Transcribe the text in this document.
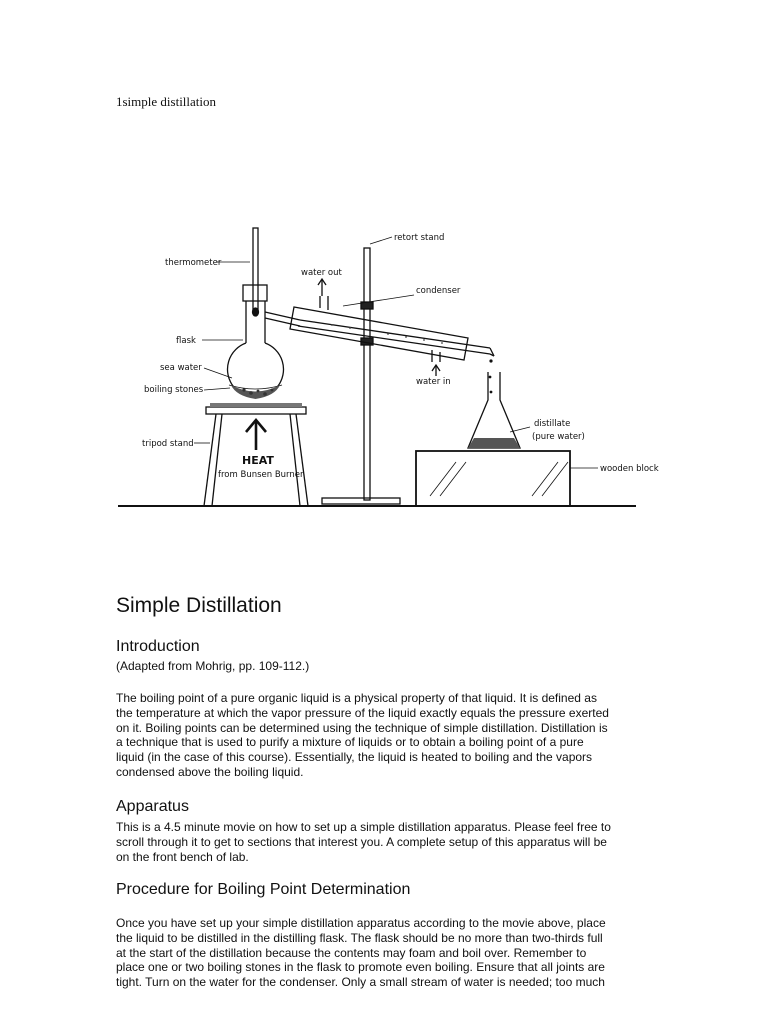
1simple distillation
thermometer
retort stand
water out
condenser
flask
sea water
boiling stones
tripod stand
HEAT
from Bunsen Burner
water in
distillate
(pure water)
wooden block
Simple Distillation
Introduction

(Adapted from Mohrig, pp. 109-112.)

The boiling point of a pure organic liquid is a physical property of that liquid. It is defined as
the temperature at which the vapor pressure of the liquid exactly equals the pressure exerted
on it. Boiling points can be determined using the technique of simple distillation. Distillation is
a technique that is used to purify a mixture of liquids or to obtain a boiling point of a pure
liquid (in the case of this course). Essentially, the liquid is heated to boiling and the vapors
condensed above the boiling liquid.

Apparatus

This is a 4.5 minute movie on how to set up a simple distillation apparatus. Please feel free to
scroll through it to get to sections that interest you. A complete setup of this apparatus will be
on the front bench of lab.

Procedure for Boiling Point Determination

Once you have set up your simple distillation apparatus according to the movie above, place
the liquid to be distilled in the distilling flask. The flask should be no more than two-thirds full
at the start of the distillation because the contents may foam and boil over. Remember to
place one or two boiling stones in the flask to promote even boiling. Ensure that all joints are
tight. Turn on the water for the condenser. Only a small stream of water is needed; too much
